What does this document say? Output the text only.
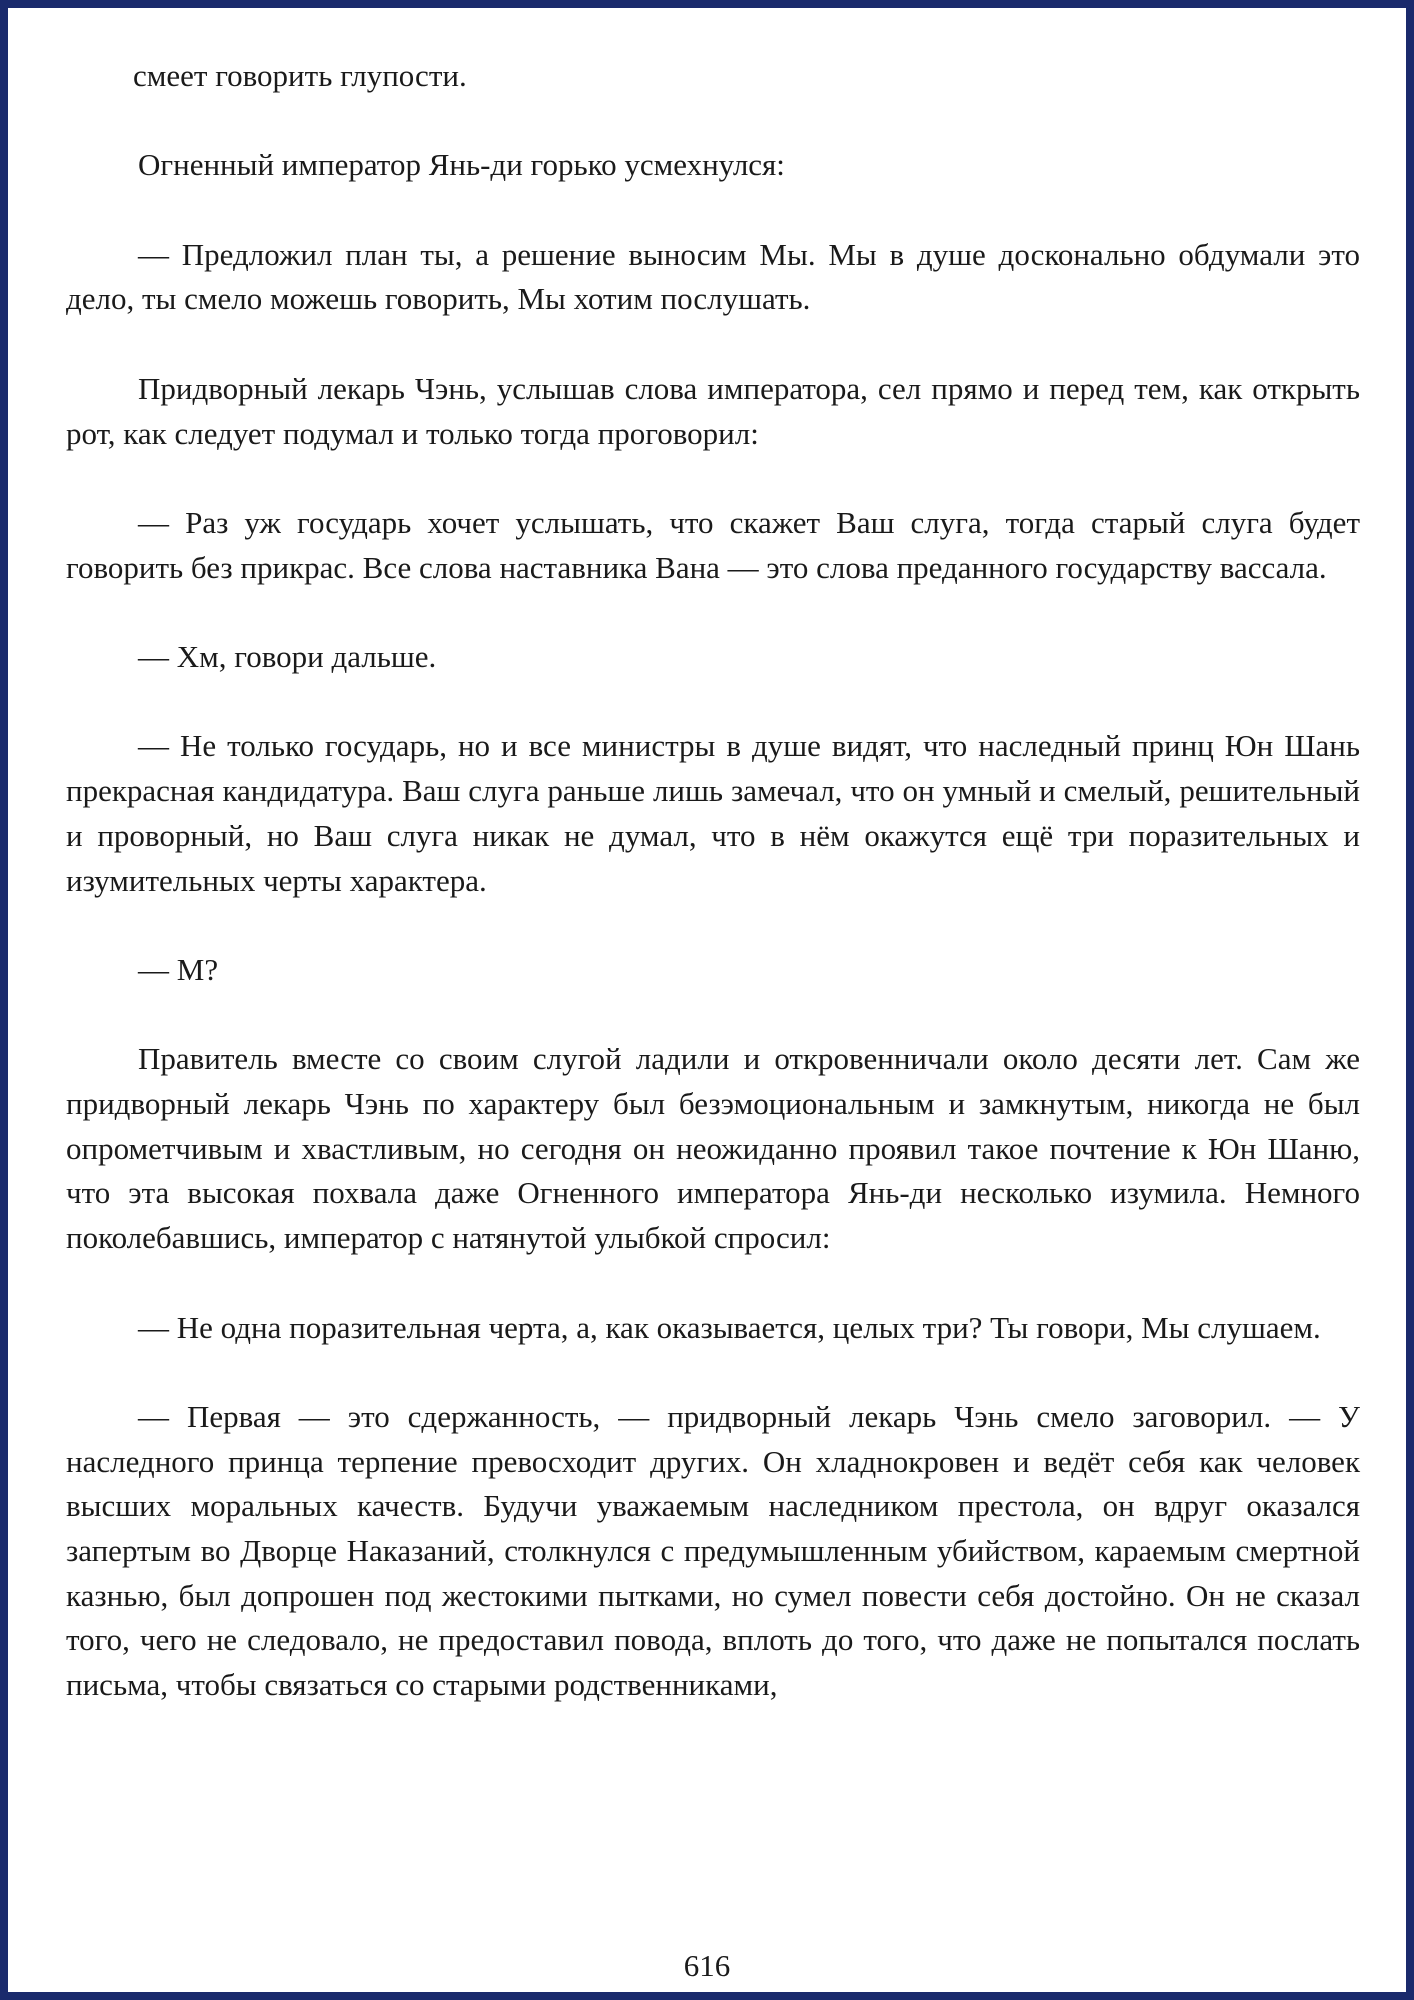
смеет говорить глупости.

Огненный император Янь-ди горько усмехнулся:

— Предложил план ты, а решение выносим Мы. Мы в душе досконально обдумали это дело, ты смело можешь говорить, Мы хотим послушать.

Придворный лекарь Чэнь, услышав слова императора, сел прямо и перед тем, как открыть рот, как следует подумал и только тогда проговорил:

— Раз уж государь хочет услышать, что скажет Ваш слуга, тогда старый слуга будет говорить без прикрас. Все слова наставника Вана — это слова преданного государству вассала.

— Хм, говори дальше.

— Не только государь, но и все министры в душе видят, что наследный принц Юн Шань прекрасная кандидатура. Ваш слуга раньше лишь замечал, что он умный и смелый, решительный и проворный, но Ваш слуга никак не думал, что в нём окажутся ещё три поразительных и изумительных черты характера.

— М?

Правитель вместе со своим слугой ладили и откровенничали около десяти лет. Сам же придворный лекарь Чэнь по характеру был безэмоциональным и замкнутым, никогда не был опрометчивым и хвастливым, но сегодня он неожиданно проявил такое почтение к Юн Шаню, что эта высокая похвала даже Огненного императора Янь-ди несколько изумила. Немного поколебавшись, император с натянутой улыбкой спросил:

— Не одна поразительная черта, а, как оказывается, целых три? Ты говори, Мы слушаем.

— Первая — это сдержанность, — придворный лекарь Чэнь смело заговорил. — У наследного принца терпение превосходит других. Он хладнокровен и ведёт себя как человек высших моральных качеств. Будучи уважаемым наследником престола, он вдруг оказался запертым во Дворце Наказаний, столкнулся с предумышленным убийством, караемым смертной казнью, был допрошен под жестокими пытками, но сумел повести себя достойно. Он не сказал того, чего не следовало, не предоставил повода, вплоть до того, что даже не попытался послать письма, чтобы связаться со старыми родственниками,

616
